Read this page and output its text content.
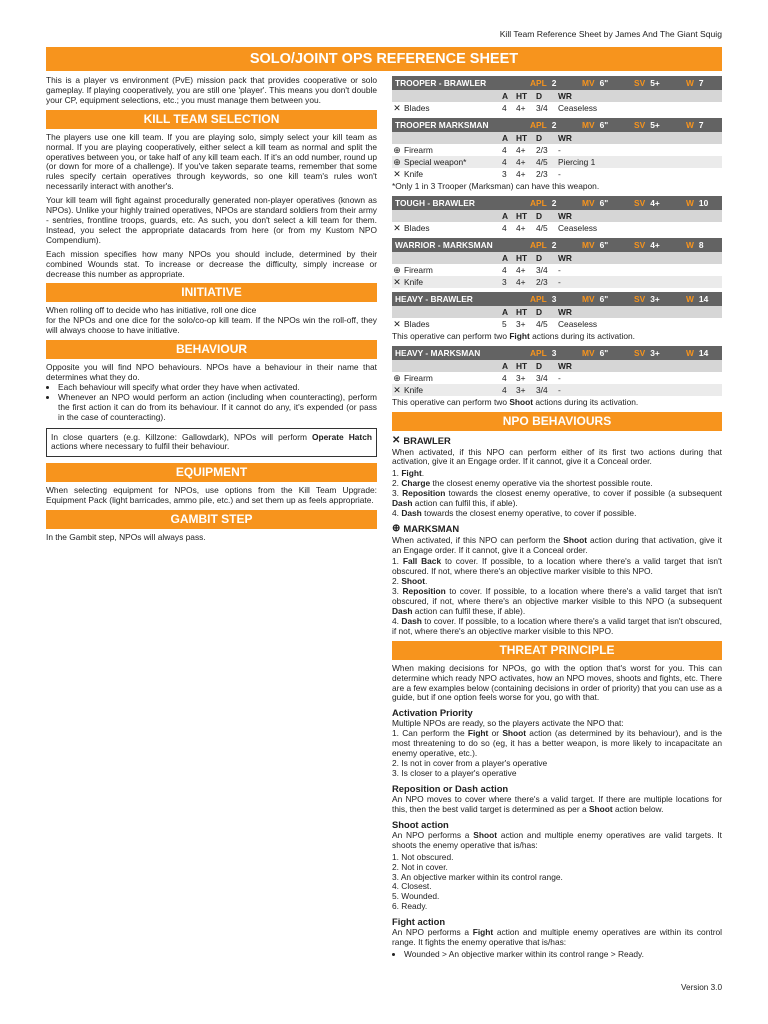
Kill Team Reference Sheet by James And The Giant Squig
SOLO/JOINT OPS REFERENCE SHEET

This is a player vs environment (PvE) mission pack that provides cooperative or solo gameplay. If playing cooperatively, you are still one 'player'. This means you don't double your CP, equipment selections, etc.; you must manage them between you.

KILL TEAM SELECTION

The players use one kill team. If you are playing solo, simply select your kill team as normal. If you are playing cooperatively, either select a kill team as normal and split the operatives between you, or take half of any kill team each. If it's an odd number, round up (or down for more of a challenge). If you've taken separate teams, remember that some rules specify certain operatives through keywords, so one kill team's rules won't necessarily interact with another's.

Your kill team will fight against procedurally generated non-player operatives (known as NPOs). Unlike your highly trained operatives, NPOs are standard soldiers from their army - sentries, frontline troops, guards, etc. As such, you don't select a kill team for them. Instead, you select the appropriate datacards from here (or from my Kustom NPO Compendium).

Each mission specifies how many NPOs you should include, determined by their combined Wounds stat. To increase or decrease the difficulty, simply increase or decrease this number as appropriate.

INITIATIVE

When rolling off to decide who has initiative, roll one dice

for the NPOs and one dice for the solo/co-op kill team. If the NPOs win the roll-off, they will always choose to have initiative.

BEHAVIOUR

Opposite you will find NPO behaviours. NPOs have a behaviour in their name that determines what they do.

• Each behaviour will specify what order they have when activated.
• Whenever an NPO would perform an action (including when counteracting), perform the first action it can do from its behaviour. If it cannot do any, it's expended (or pass in the case of counteracting).

In close quarters (e.g. Killzone: Gallowdark), NPOs will perform Operate Hatch actions where necessary to fulfil their behaviour.

EQUIPMENT

When selecting equipment for NPOs, use options from the Kill Team Upgrade: Equipment Pack (light barricades, ammo pile, etc.) and set them up as feels appropriate.

GAMBIT STEP

In the Gambit step, NPOs will always pass.

TROOPER - BRAWLER	APL 2	MV 6"	SV 5+	W 7
A HT	D	WR
✕ Blades	4	4+	3/4	Ceaseless
TROOPER MARKSMAN	APL 2	MV 6"	SV 5+	W 7
A HT	D	WR
⊕ Firearm	4	4+	2/3	-
⊕ Special weapon*	4	4+	4/5	Piercing 1
✕ Knife	3	4+	2/3	-
*Only 1 in 3 Trooper (Marksman) can have this weapon.
TOUGH - BRAWLER	APL 2	MV 6"	SV 4+	W 10
A HT	D	WR
✕ Blades	4	4+	4/5	Ceaseless
WARRIOR - MARKSMAN	APL 2	MV 6"	SV 4+	W 8
A HT	D	WR
⊕ Firearm	4	4+	3/4	-
✕ Knife	3	4+	2/3	-
HEAVY - BRAWLER	APL 3	MV 6"	SV 3+	W 14
A HT	D	WR
✕ Blades	5	3+	4/5	Ceaseless
This operative can perform two Fight actions during its activation.
HEAVY - MARKSMAN	APL 3	MV 6"	SV 3+	W 14
A HT	D	WR
⊕ Firearm	4	3+	3/4	-
✕ Knife	4	3+	3/4	-
This operative can perform two Shoot actions during its activation.
NPO BEHAVIOURS
✕ BRAWLER

When activated, if this NPO can perform either of its first two actions during that activation, give it an Engage order. If it cannot, give it a Conceal order.

1. Fight.
2. Charge the closest enemy operative via the shortest possible route.
3. Reposition towards the closest enemy operative, to cover if possible (a subsequent Dash action can fulfil this, if able).
4. Dash towards the closest enemy operative, to cover if possible.
⊕ MARKSMAN

When activated, if this NPO can perform the Shoot action during that activation, give it an Engage order. If it cannot, give it a Conceal order.

1. Fall Back to cover. If possible, to a location where there's a valid target that isn't obscured. If not, where there's an objective marker visible to this NPO.
2. Shoot.
3. Reposition to cover. If possible, to a location where there's a valid target that isn't obscured, if not, where there's an objective marker visible to this NPO (a subsequent Dash action can fulfil these, if able).
4. Dash to cover. If possible, to a location where there's a valid target that isn't obscured, if not, where there's an objective marker visible to this NPO.
THREAT PRINCIPLE

When making decisions for NPOs, go with the option that's worst for you. This can determine which ready NPO activates, how an NPO moves, shoots and fights, etc. There are a few examples below (containing decisions in order of priority) that you can use as a guide, but if one option feels worse for you, go with that.

Activation Priority

Multiple NPOs are ready, so the players activate the NPO that:

1. Can perform the Fight or Shoot action (as determined by its behaviour), and is the most threatening to do so (eg, it has a better weapon, is more likely to incapacitate an enemy operative, etc.).
2. Is not in cover from a player's operative
3. Is closer to a player's operative
Reposition or Dash action

An NPO moves to cover where there's a valid target. If there are multiple locations for this, then the best valid target is determined as per a Shoot action below.

Shoot action

An NPO performs a Shoot action and multiple enemy operatives are valid targets. It shoots the enemy operative that is/has:

1. Not obscured.
2. Not in cover.
3. An objective marker within its control range.
4. Closest.
5. Wounded.
6. Ready.
Fight action

An NPO performs a Fight action and multiple enemy operatives are within its control range. It fights the enemy operative that is/has:

• Wounded > An objective marker within its control range > Ready.
Version 3.0
